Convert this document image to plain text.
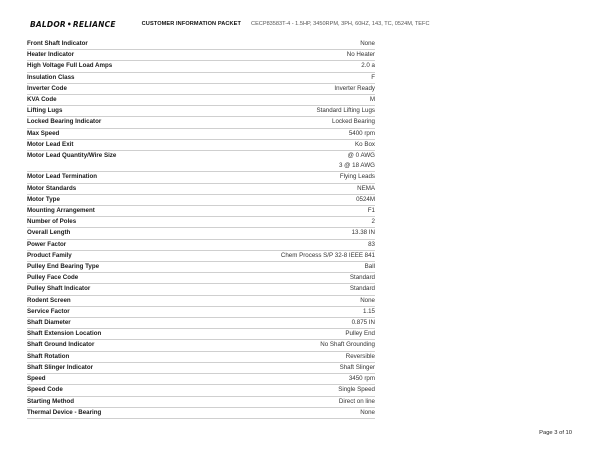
BALDOR•RELIANCE	CUSTOMER INFORMATION PACKET CECP83583T-4 - 1.5HP, 3450RPM, 3PH, 60HZ, 143, TC, 0524M, TEFC
Front Shaft Indicator	None
Heater Indicator	No Heater
High Voltage Full Load Amps	2.0 a
Insulation Class	F
Inverter Code	Inverter Ready
KVA Code	M
Lifting Lugs	Standard Lifting Lugs
Locked Bearing Indicator	Locked Bearing
Max Speed	5400 rpm
Motor Lead Exit	Ko Box
Motor Lead Quantity/Wire Size	@ 0 AWG
3 @ 18 AWG
Motor Lead Termination	Flying Leads
Motor Standards	NEMA
Motor Type	0524M
Mounting Arrangement	F1
Number of Poles	2
Overall Length	13.38 IN
Power Factor	83
Product Family	Chem Process S/P 32-8 IEEE 841
Pulley End Bearing Type	Ball
Pulley Face Code	Standard
Pulley Shaft Indicator	Standard
Rodent Screen	None
Service Factor	1.15
Shaft Diameter	0.875 IN
Shaft Extension Location	Pulley End
Shaft Ground Indicator	No Shaft Grounding
Shaft Rotation	Reversible
Shaft Slinger Indicator	Shaft Slinger
Speed	3450 rpm
Speed Code	Single Speed
Starting Method	Direct on line
Thermal Device - Bearing	None
Page 3 of 10
